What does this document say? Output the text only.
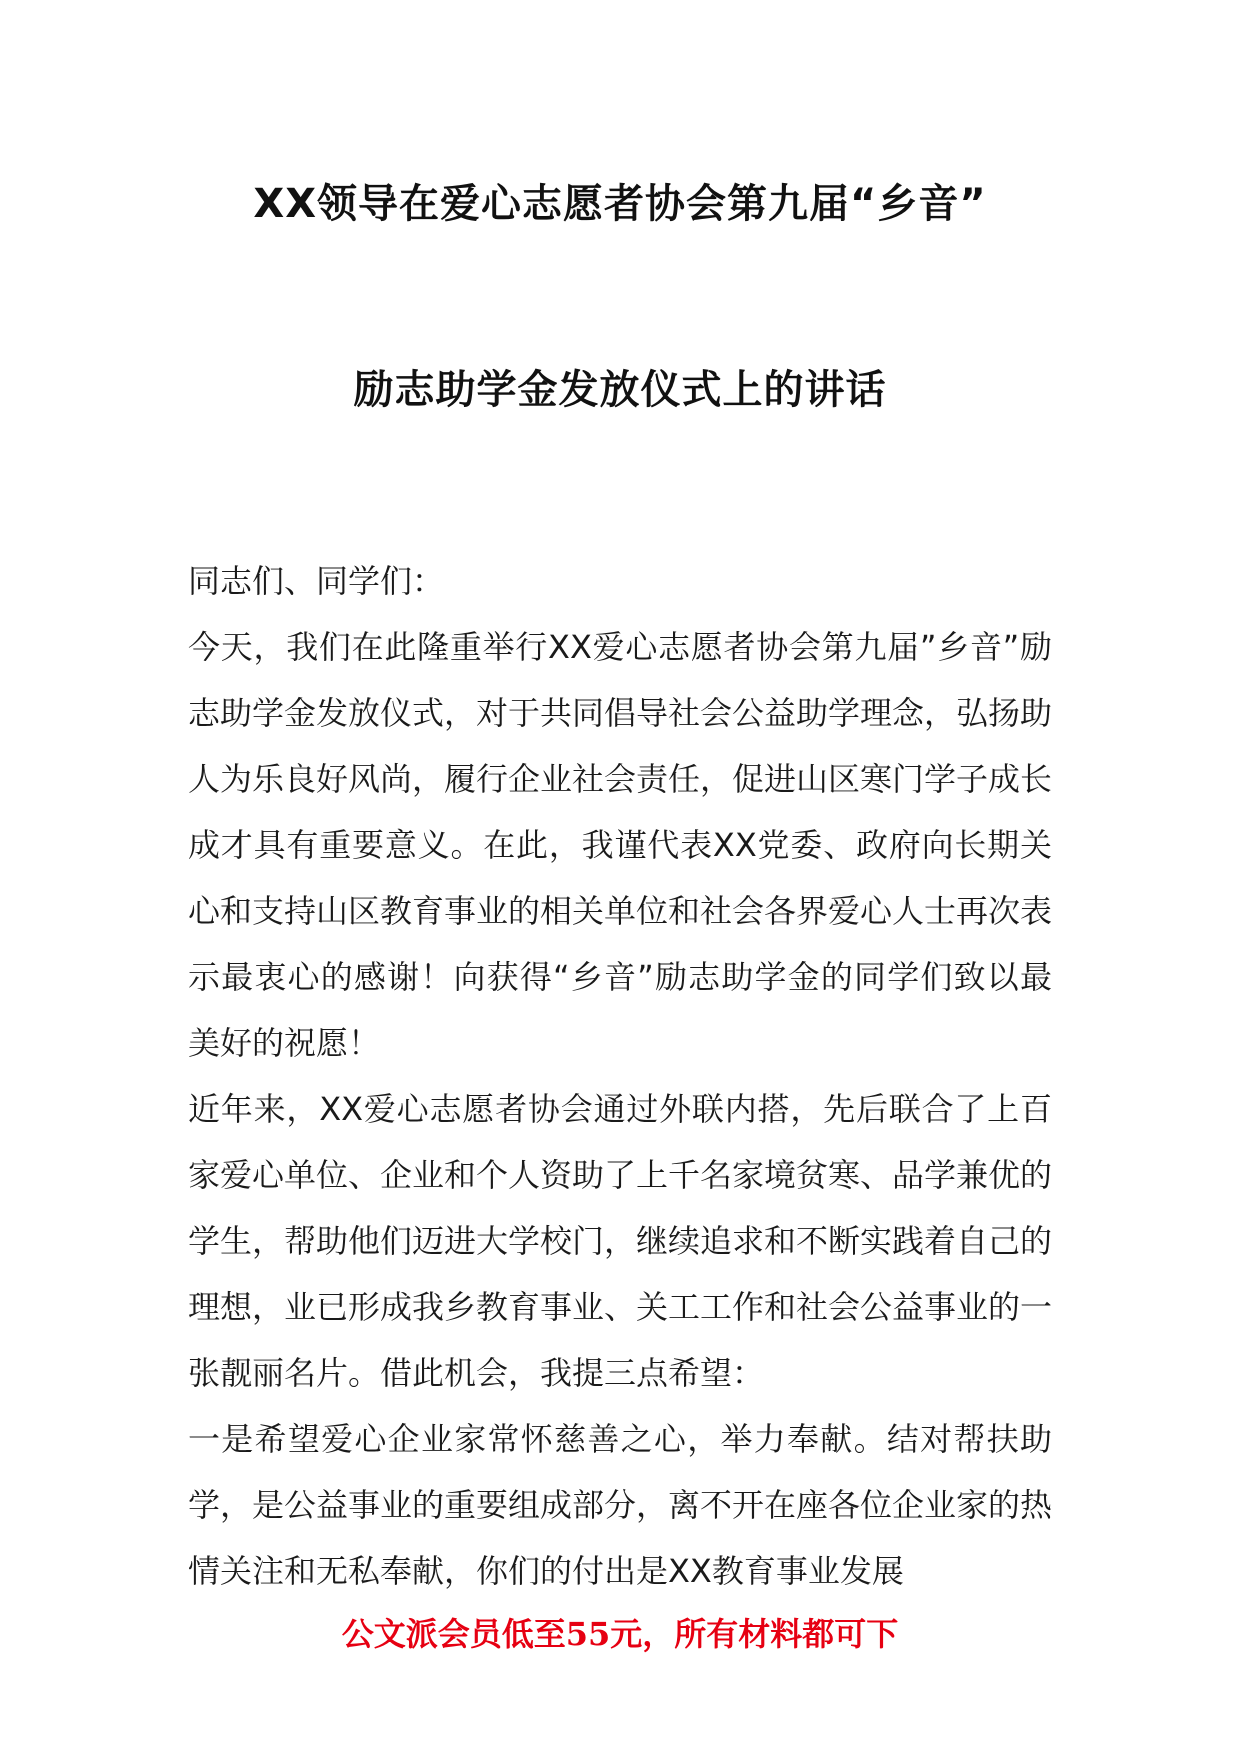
XX领导在爱心志愿者协会第九届“乡音”
励志助学金发放仪式上的讲话

同志们、同学们：

今天，我们在此隆重举行XX爱心志愿者协会第九届”乡音”励志助学金发放仪式，对于共同倡导社会公益助学理念，弘扬助人为乐良好风尚，履行企业社会责任，促进山区寒门学子成长成才具有重要意义。在此，我谨代表XX党委、政府向长期关心和支持山区教育事业的相关单位和社会各界爱心人士再次表示最衷心的感谢！向获得“乡音”励志助学金的同学们致以最美好的祝愿！

近年来，XX爱心志愿者协会通过外联内搭，先后联合了上百家爱心单位、企业和个人资助了上千名家境贫寒、品学兼优的学生，帮助他们迈进大学校门，继续追求和不断实践着自己的理想，业已形成我乡教育事业、关工工作和社会公益事业的一张靓丽名片。借此机会，我提三点希望：

一是希望爱心企业家常怀慈善之心，举力奉献。结对帮扶助学，是公益事业的重要组成部分，离不开在座各位企业家的热情关注和无私奉献，你们的付出是XX教育事业发展

公文派会员低至55元，所有材料都可下
